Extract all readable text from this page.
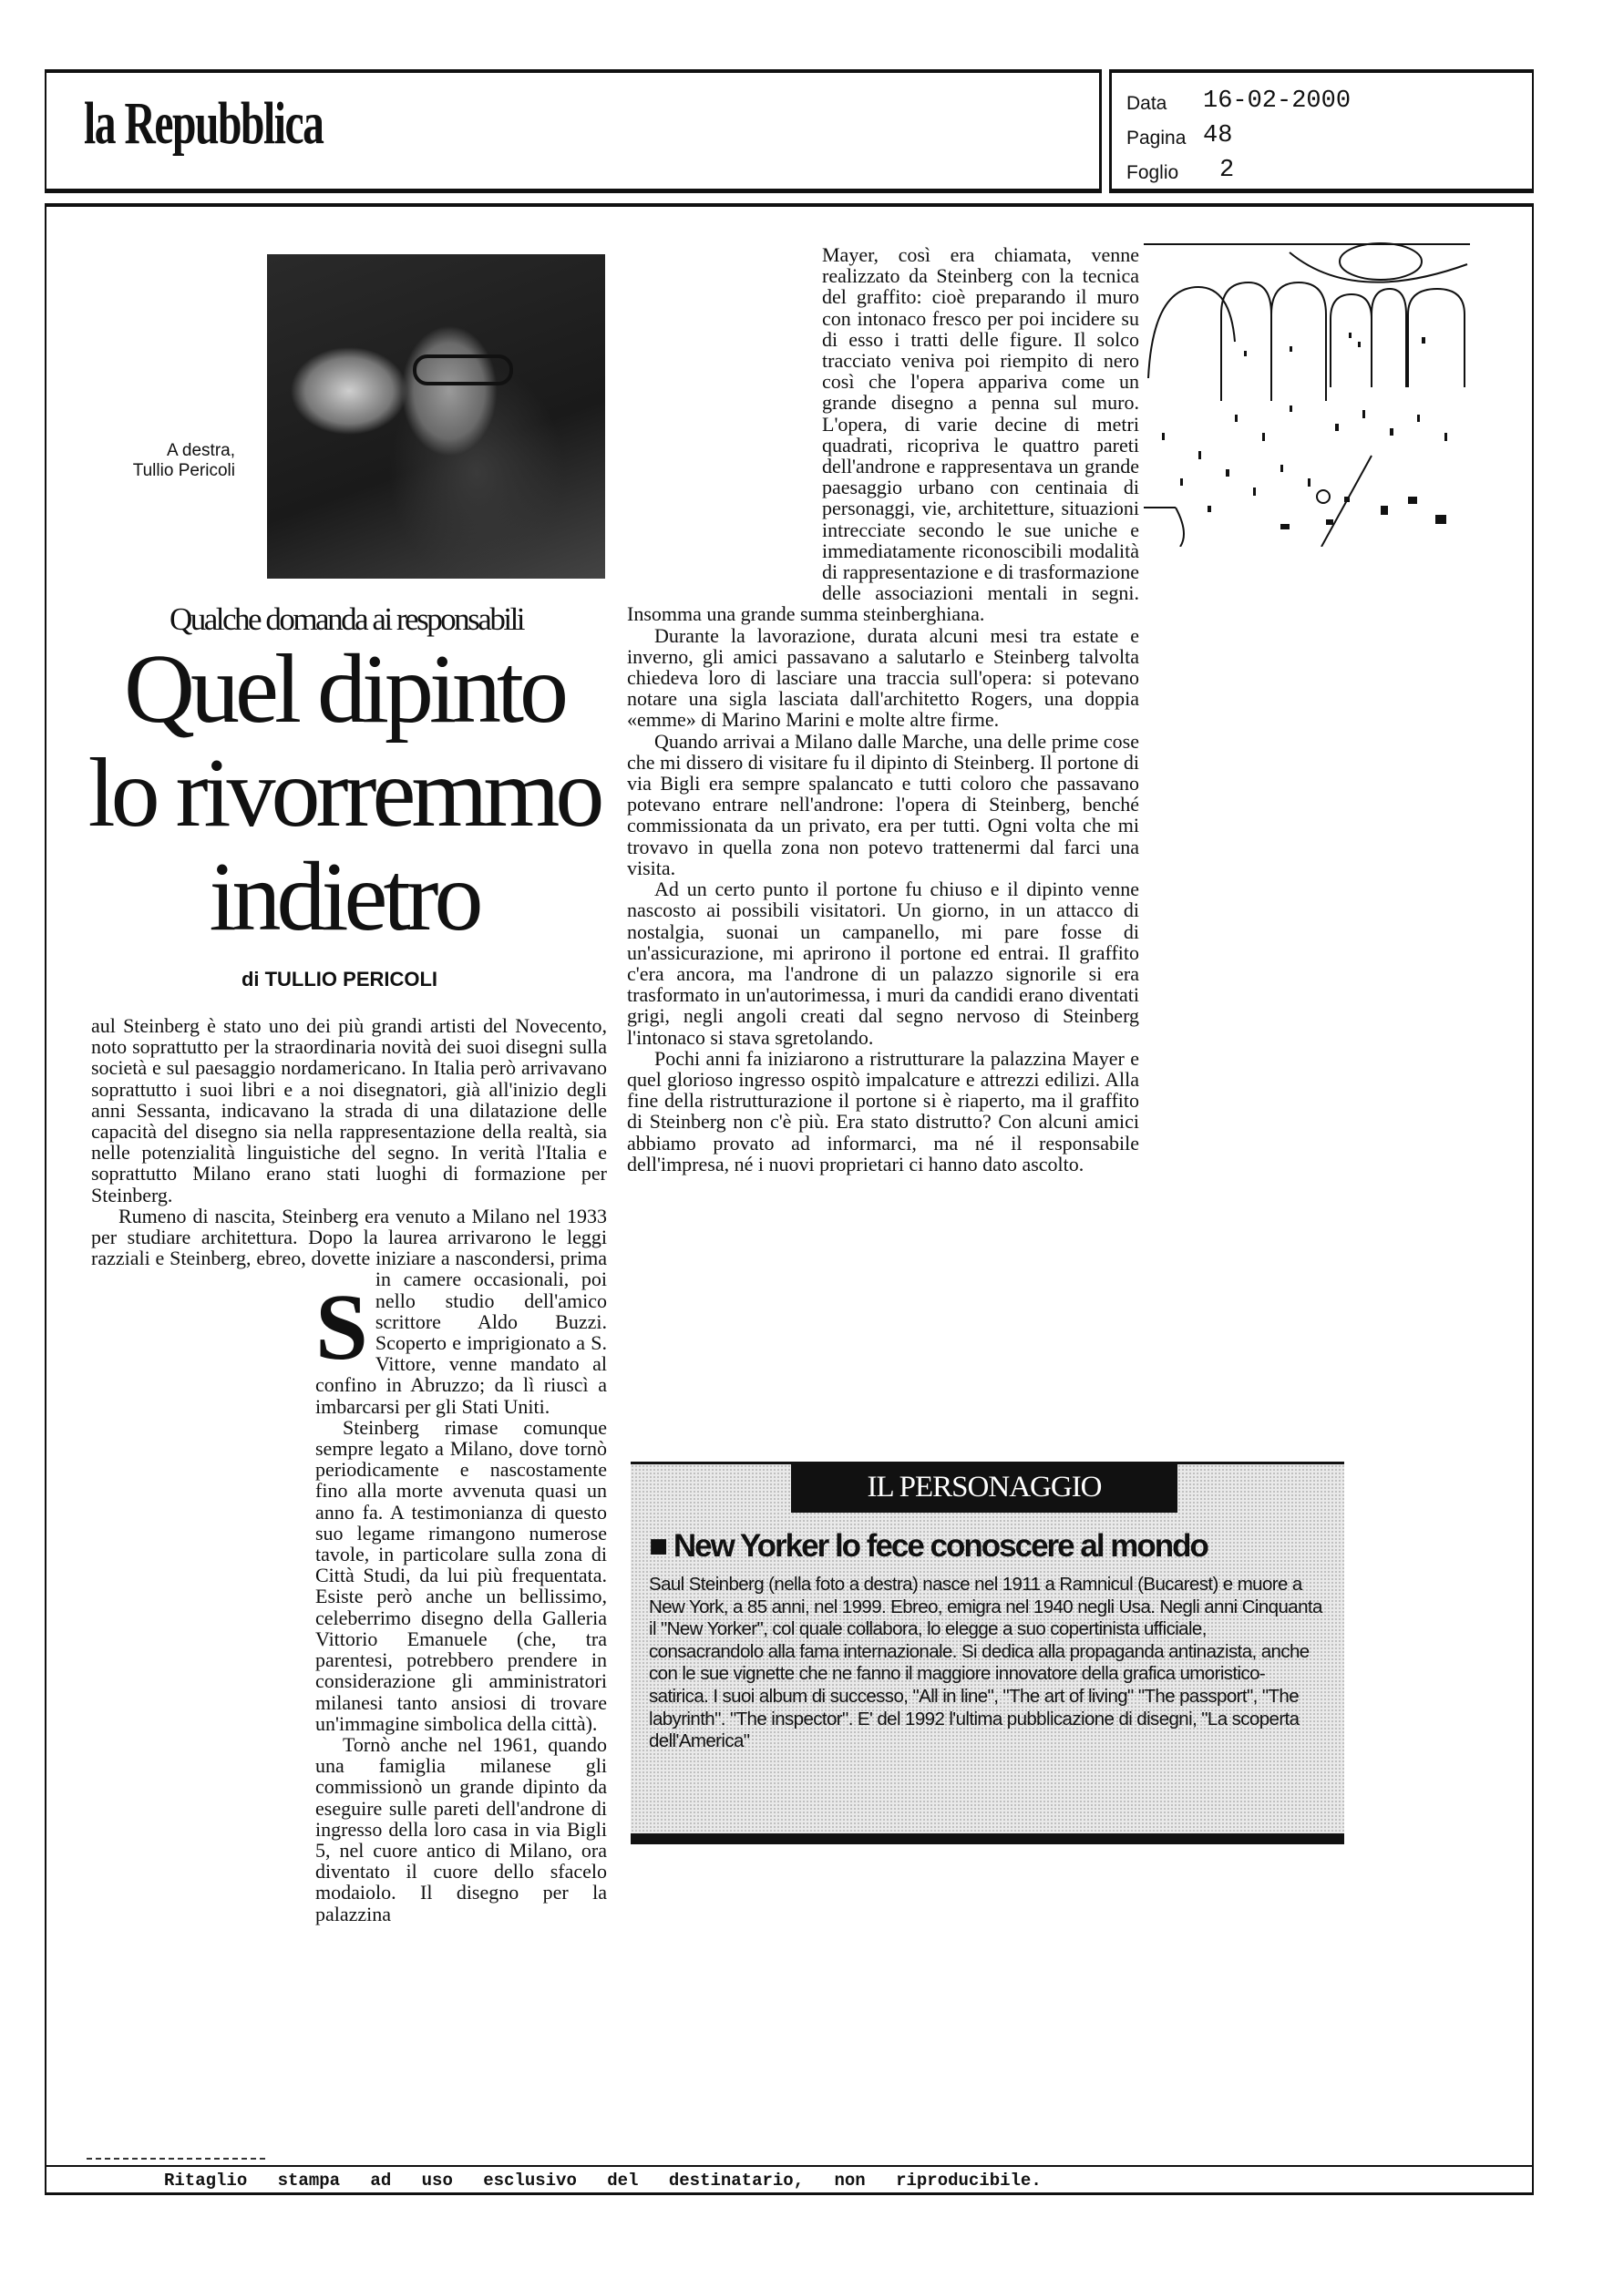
la Repubblica	Data 16-02-2000
Pagina 48
Foglio 2
A destra,
Tullio Pericoli
Qualche domanda ai responsabili
Quel dipinto
lo rivorremmo
indietro
di TULLIO PERICOLI

S
aul Steinberg è stato uno dei più grandi artisti del Novecento, noto soprattutto per la straordinaria novità dei suoi disegni sulla società e sul paesaggio nordamericano. In Italia però arrivavano soprattutto i suoi libri e a noi disegnatori, già all'inizio degli anni Sessanta, indicavano la strada di una dilatazione delle capacità del disegno sia nella rappresentazione della realtà, sia nelle potenzialità linguistiche del segno. In verità l'Italia e soprattutto Milano erano stati luoghi di formazione per Steinberg.

Rumeno di nascita, Steinberg era venuto a Milano nel 1933 per studiare architettura. Dopo la laurea arrivarono le leggi razziali e Steinberg, ebreo, dovette iniziare a nascondersi, prima in camere occasionali, poi nello studio dell'amico scrittore Aldo Buzzi. Scoperto e imprigionato a S. Vittore, venne mandato al confino in Abruzzo; da lì riuscì a imbarcarsi per gli Stati Uniti.

Steinberg rimase comunque sempre legato a Milano, dove tornò periodicamente e nascostamente fino alla morte avvenuta quasi un anno fa. A testimonianza di questo suo legame rimangono numerose tavole, in particolare sulla zona di Città Studi, da lui più frequentata. Esiste però anche un bellissimo, celeberrimo disegno della Galleria Vittorio Emanuele (che, tra parentesi, potrebbero prendere in considerazione gli amministratori milanesi tanto ansiosi di trovare un'immagine simbolica della città).

Tornò anche nel 1961, quando una famiglia milanese gli commissionò un grande dipinto da eseguire sulle pareti dell'androne di ingresso della loro casa in via Bigli 5, nel cuore antico di Milano, ora diventato il cuore dello sfacelo modaiolo. Il disegno per la palazzina

Mayer, così era chiamata, venne realizzato da Steinberg con la tecnica del graffito: cioè preparando il muro con intonaco fresco per poi incidere su di esso i tratti delle figure. Il solco tracciato veniva poi riempito di nero così che l'opera appariva come un grande disegno a penna sul muro. L'opera, di varie decine di metri quadrati, ricopriva le quattro pareti dell'androne e rappresentava un grande paesaggio urbano con centinaia di personaggi, vie, architetture, situazioni intrecciate secondo le sue uniche e immediatamente riconoscibili modalità di rappresentazione e di trasformazione delle associazioni mentali in segni. Insomma una grande summa steinberghiana.

Durante la lavorazione, durata alcuni mesi tra estate e inverno, gli amici passavano a salutarlo e Steinberg talvolta chiedeva loro di lasciare una traccia sull'opera: si potevano notare una sigla lasciata dall'architetto Rogers, una doppia «emme» di Marino Marini e molte altre firme.

Quando arrivai a Milano dalle Marche, una delle prime cose che mi dissero di visitare fu il dipinto di Steinberg. Il portone di via Bigli era sempre spalancato e tutti coloro che passavano potevano entrare nell'androne: l'opera di Steinberg, benché commissionata da un privato, era per tutti. Ogni volta che mi trovavo in quella zona non potevo trattenermi dal farci una visita.

Ad un certo punto il portone fu chiuso e il dipinto venne nascosto ai possibili visitatori. Un giorno, in un attacco di nostalgia, suonai un campanello, mi pare fosse di un'assicurazione, mi aprirono il portone ed entrai. Il graffito c'era ancora, ma l'androne di un palazzo signorile si era trasformato in un'autorimessa, i muri da candidi erano diventati grigi, negli angoli creati dal segno nervoso di Steinberg l'intonaco si stava sgretolando.

Pochi anni fa iniziarono a ristrutturare la palazzina Mayer e quel glorioso ingresso ospitò impalcature e attrezzi edilizi. Alla fine della ristrutturazione il portone si è riaperto, ma il graffito di Steinberg non c'è più. Era stato distrutto? Con alcuni amici abbiamo provato ad informarci, ma né il responsabile dell'impresa, né i nuovi proprietari ci hanno dato ascolto.

IL PERSONAGGIO
■ New Yorker lo fece conoscere al mondo
Saul Steinberg (nella foto a destra) nasce nel 1911 a Ramnicul (Bucarest) e muore a New York, a 85 anni, nel 1999. Ebreo, emigra nel 1940 negli Usa. Negli anni Cinquanta il "New Yorker", col quale collabora, lo elegge a suo copertinista ufficiale, consacrandolo alla fama internazionale. Si dedica alla propaganda antinazista, anche con le sue vignette che ne fanno il maggiore innovatore della grafica umoristico-satirica. I suoi album di successo, "All in line", "The art of living" "The passport", "The labyrinth". "The inspector". E' del 1992 l'ultima pubblicazione di disegni, "La scoperta dell'America"
Ritaglio stampa ad uso esclusivo del destinatario, non riproducibile.
